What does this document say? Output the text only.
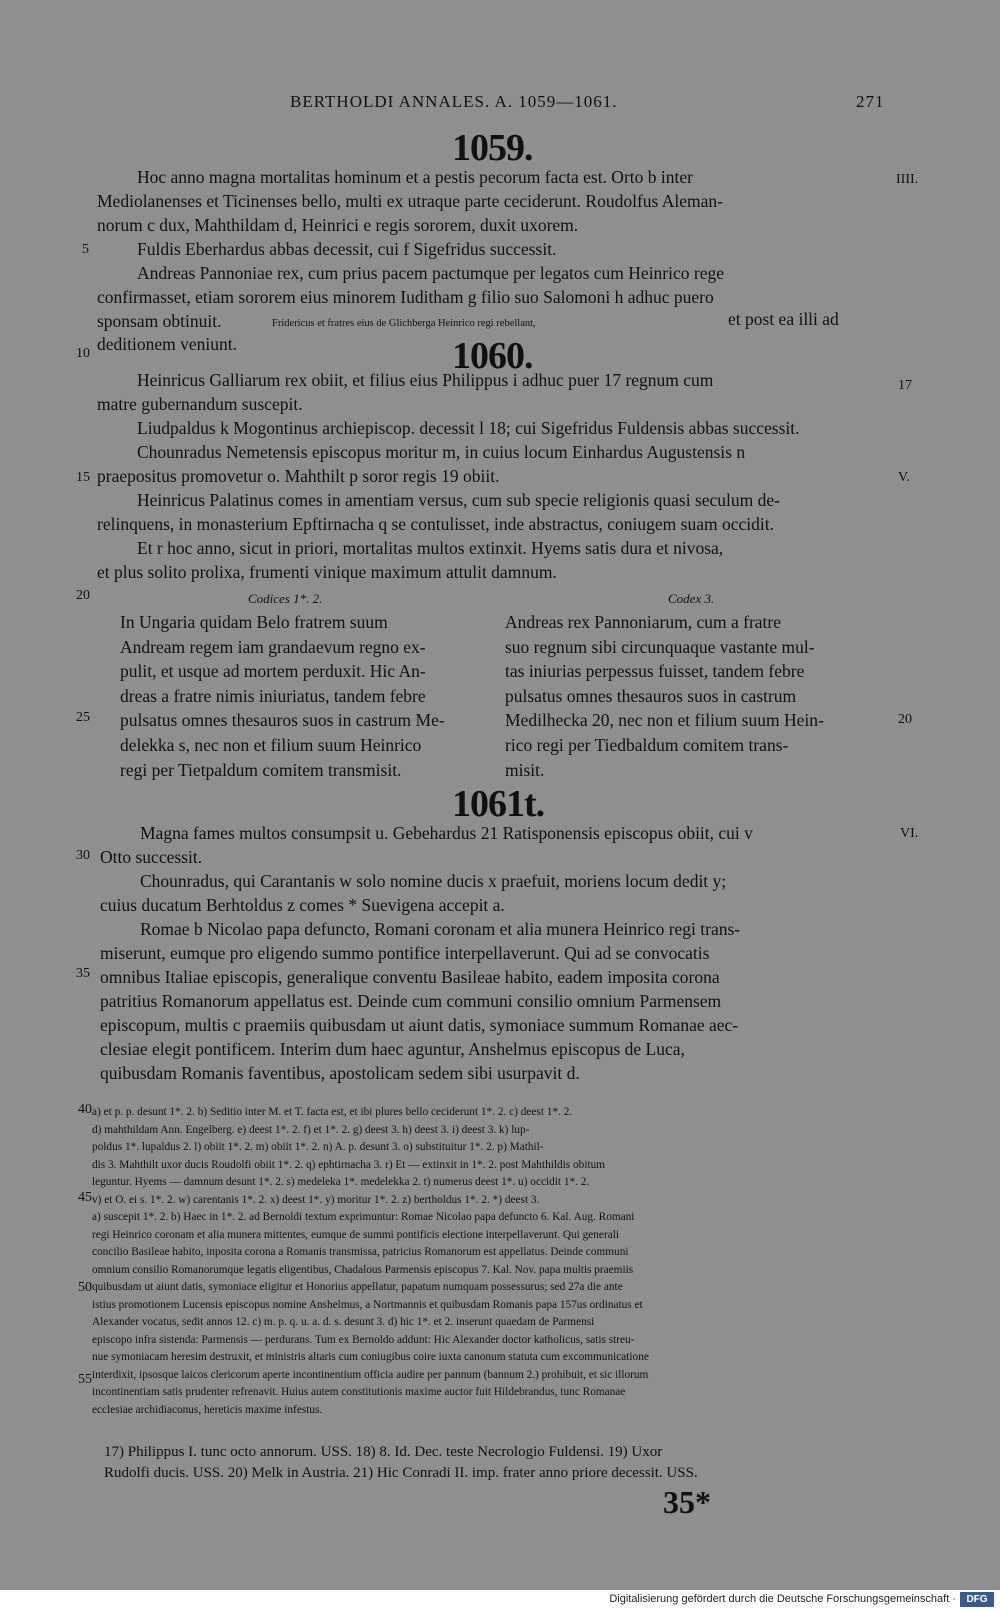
BERTHOLDI ANNALES. A. 1059—1061.	271
1059.
Hoc anno magna mortalitas hominum et a pestis pecorum facta est. Orto b inter
Mediolanenses et Ticinenses bello, multi ex utraque parte ceciderunt. Roudolfus Aleman-
norum c dux, Mahthildam d, Heinrici e regis sororem, duxit uxorem.
Fuldis Eberhardus abbas decessit, cui f Sigefridus successit.
Andreas Pannoniae rex, cum prius pacem pactumque per legatos cum Heinrico rege
confirmasset, etiam sororem eius minorem Iuditham g filio suo Salomoni h adhuc puero
sponsam obtinuit.	Fridericus et fratres eius de Glichberga Heinrico regi rebellant,	et post ea illi ad
deditionem veniunt.	1060.
Heinricus Galliarum rex obiit, et filius eius Philippus i adhuc puer 17 regnum cum
matre gubernandum suscepit.
Liudpaldus k Mogontinus archiepiscop. decessit l 18; cui Sigefridus Fuldensis abbas successit.
Chounradus Nemetensis episcopus moritur m, in cuius locum Einhardus Augustensis n
praepositus promovetur o. Mahthilt p soror regis 19 obiit.
Heinricus Palatinus comes in amentiam versus, cum sub specie religionis quasi seculum de-
relinquens, in monasterium Epftirnacha q se contulisset, inde abstractus, coniugem suam occidit.
Et r hoc anno, sicut in priori, mortalitas multos extinxit. Hyems satis dura et nivosa,
et plus solito prolixa, frumenti vinique maximum attulit damnum.
Codices 1*. 2.	Codex 3.
In Ungaria quidam Belo fratrem suum
Andream regem iam grandaevum regno ex-
pulit, et usque ad mortem perduxit. Hic An-
dreas a fratre nimis iniuriatus, tandem febre
pulsatus omnes thesauros suos in castrum Me-
delekka s, nec non et filium suum Heinrico
regi per Tietpaldum comitem transmisit.
Andreas rex Pannoniarum, cum a fratre
suo regnum sibi circunquaque vastante mul-
tas iniurias perpessus fuisset, tandem febre
pulsatus omnes thesauros suos in castrum
Medilhecka 20, nec non et filium suum Hein-
rico regi per Tiedbaldum comitem trans-
misit.
1061t.
Magna fames multos consumpsit u. Gebehardus 21 Ratisponensis episcopus obiit, cui v
Otto successit.
Chounradus, qui Carantanis w solo nomine ducis x praefuit, moriens locum dedit y;
cuius ducatum Berhtoldus z comes * Suevigena accepit a.
Romae b Nicolao papa defuncto, Romani coronam et alia munera Heinrico regi trans-
miserunt, eumque pro eligendo summo pontifice interpellaverunt. Qui ad se convocatis
omnibus Italiae episcopis, generalique conventu Basileae habito, eadem imposita corona
patritius Romanorum appellatus est. Deinde cum communi consilio omnium Parmensem
episcopum, multis c praemiis quibusdam ut aiunt datis, symoniace summum Romanae aec-
clesiae elegit pontificem. Interim dum haec aguntur, Anshelmus episcopus de Luca,
quibusdam Romanis faventibus, apostolicam sedem sibi usurpavit d.
IIII.
17
V.
20
VI.
5
10
15
20
25
30
35
40
45
50
55
a) et p. p. desunt 1*. 2. b) Seditio inter M. et T. facta est, et ibi plures bello ceciderunt 1*. 2. c) deest 1*. 2.
d) mahthildam Ann. Engelberg. e) deest 1*. 2. f) et 1*. 2. g) deest 3. h) deest 3. i) deest 3. k) lup-
poldus 1*. lupaldus 2. l) obiit 1*. 2. m) obiit 1*. 2. n) A. p. desunt 3. o) substituitur 1*. 2. p) Mathil-
dis 3. Mahthilt uxor ducis Roudolfi obiit 1*. 2. q) ephtirnacha 3. r) Et — extinxit in 1*. 2. post Mahthildis obitum
leguntur. Hyems — damnum desunt 1*. 2. s) medeleka 1*. medelekka 2. t) numerus deest 1*. u) occidit 1*. 2.
v) et O. ei s. 1*. 2. w) carentanis 1*. 2. x) deest 1*. y) moritur 1*. 2. z) bertholdus 1*. 2. *) deest 3.
a) suscepit 1*. 2. b) Haec in 1*. 2. ad Bernoldi textum exprimuntur: Romae Nicolao papa defuncto 6. Kal. Aug. Romani
regi Heinrico coronam et alia munera mittentes, eumque de summi pontificis electione interpellaverunt. Qui generali
concilio Basileae habito, inposita corona a Romanis transmissa, patricius Romanorum est appellatus. Deinde communi
omnium consilio Romanorumque legatis eligentibus, Chadalous Parmensis episcopus 7. Kal. Nov. papa multis praemiis
quibusdam ut aiunt datis, symoniace eligitur et Honorius appellatur, papatum numquam possessurus; sed 27a die ante
istius promotionem Lucensis episcopus nomine Anshelmus, a Nortmannis et quibusdam Romanis papa 157us ordinatus et
Alexander vocatus, sedit annos 12. c) m. p. q. u. a. d. s. desunt 3. d) hic 1*. et 2. inserunt quaedam de Parmensi
episcopo infra sistenda: Parmensis — perdurans. Tum ex Bernoldo addunt: Hic Alexander doctor katholicus, satis streu-
nue symoniacam heresim destruxit, et ministris altaris cum coniugibus coire iuxta canonum statuta cum excommunicatione
interdixit, ipsosque laicos clericorum aperte incontinentium officia audire per pannum (bannum 2.) prohibuit, et sic illorum
incontinentiam satis prudenter refrenavit. Huius autem constitutionis maxime auctor fuit Hildebrandus, tunc Romanae
ecclesiae archidiaconus, hereticis maxime infestus.
17) Philippus I. tunc octo annorum. USS. 18) 8. Id. Dec. teste Necrologio Fuldensi. 19) Uxor
Rudolfi ducis. USS. 20) Melk in Austria. 21) Hic Conradi II. imp. frater anno priore decessit. USS.
35*
Digitalisierung gefördert durch die Deutsche Forschungsgemeinschaft ·	DFG
